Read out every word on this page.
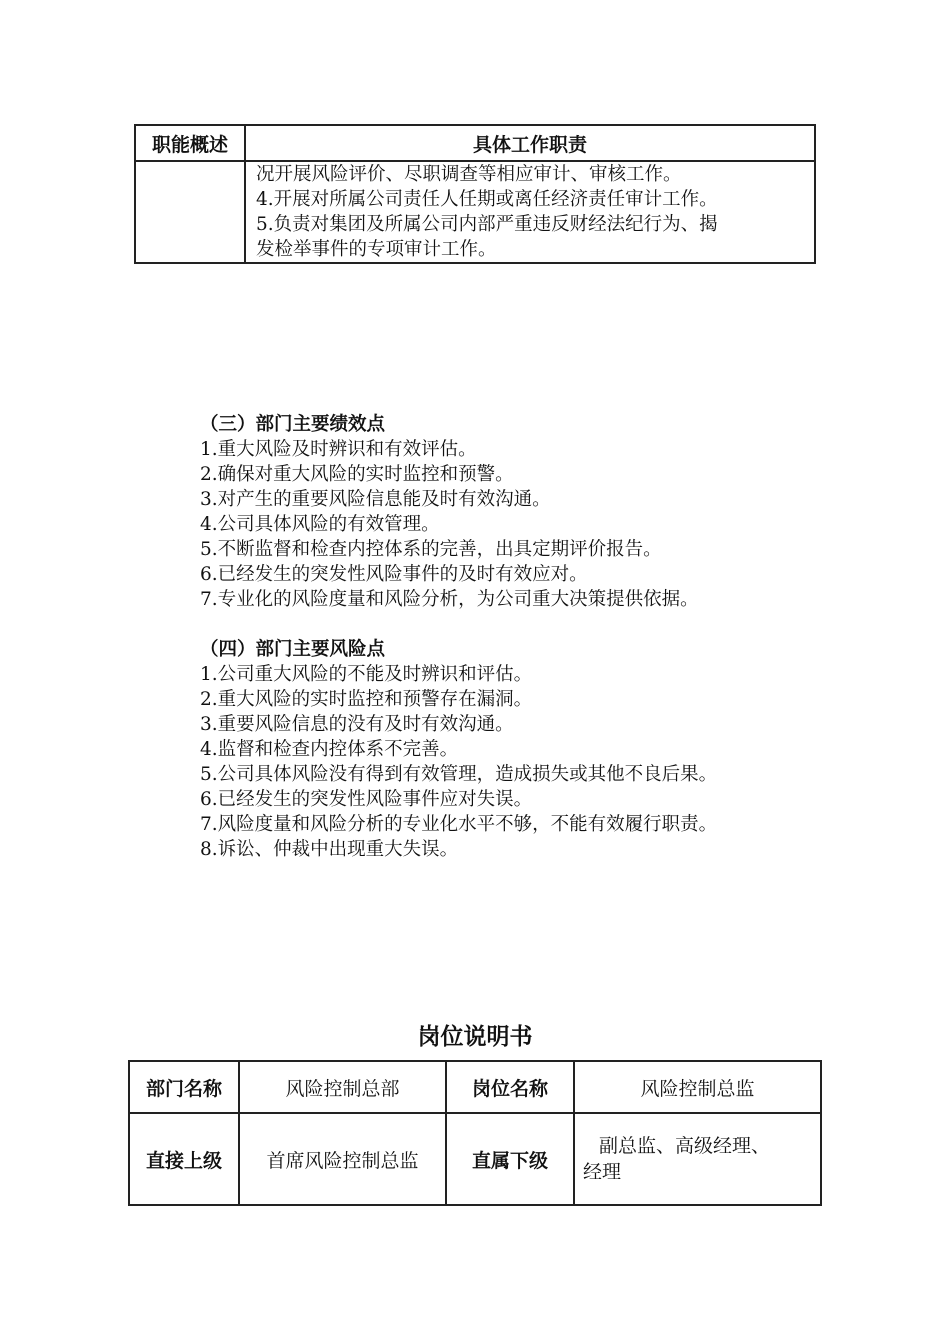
职能概述	具体工作职责

	况开展风险评价、尽职调查等相应审计、审核工作。
4.开展对所属公司责任人任期或离任经济责任审计工作。
5.负责对集团及所属公司内部严重违反财经法纪行为、揭
发检举事件的专项审计工作。
（三）部门主要绩效点
1.重大风险及时辨识和有效评估。
2.确保对重大风险的实时监控和预警。
3.对产生的重要风险信息能及时有效沟通。
4.公司具体风险的有效管理。
5.不断监督和检查内控体系的完善，出具定期评价报告。
6.已经发生的突发性风险事件的及时有效应对。
7.专业化的风险度量和风险分析，为公司重大决策提供依据。
（四）部门主要风险点
1.公司重大风险的不能及时辨识和评估。
2.重大风险的实时监控和预警存在漏洞。
3.重要风险信息的没有及时有效沟通。
4.监督和检查内控体系不完善。
5.公司具体风险没有得到有效管理，造成损失或其他不良后果。
6.已经发生的突发性风险事件应对失误。
7.风险度量和风险分析的专业化水平不够，不能有效履行职责。
8.诉讼、仲裁中出现重大失误。
岗位说明书
部门名称	风险控制总部	岗位名称	风险控制总监
直接上级	首席风险控制总监	直属下级	副总监、高级经理、
经理
